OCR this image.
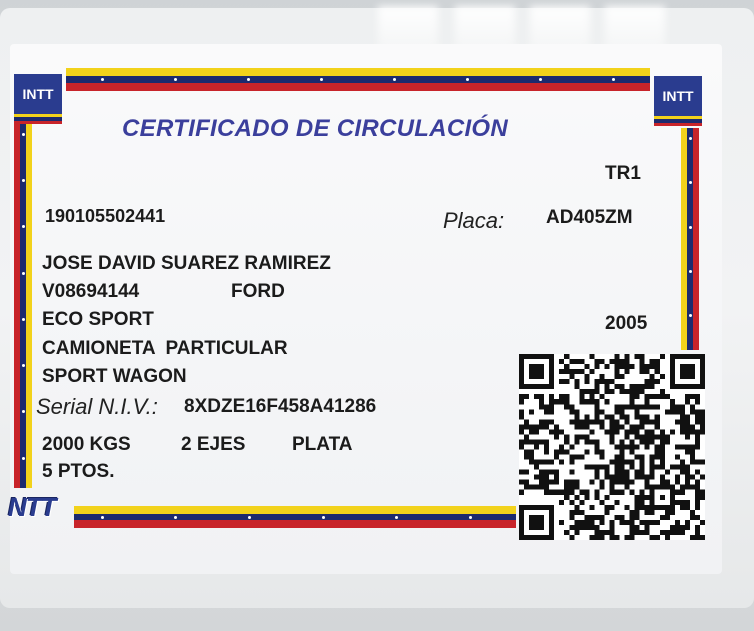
INTT	INTT
NTT
CERTIFICADO DE CIRCULACIÓN
TR1
190105502441	Placa: AD405ZM
JOSE DAVID SUAREZ RAMIREZ
V08694144	FORD
ECO SPORT	2005
CAMIONETA  PARTICULAR
SPORT WAGON
Serial N.I.V.: 8XDZE16F458A41286
2000 KGS	2 EJES PLATA
5 PTOS.
